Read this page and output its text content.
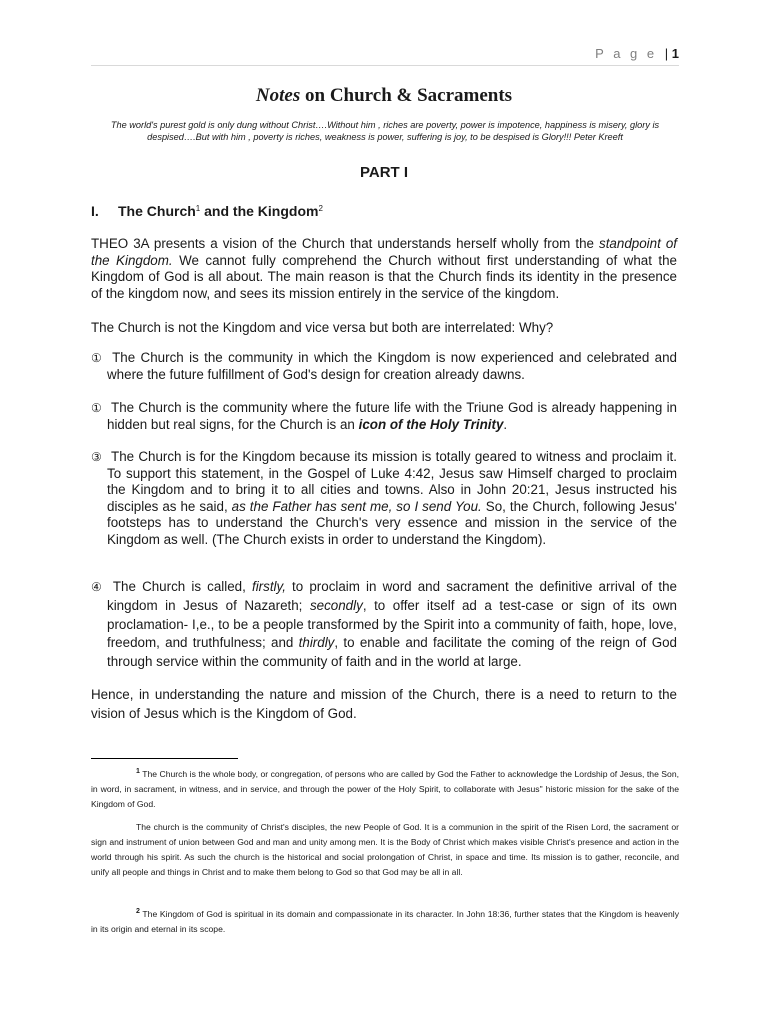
P a g e | 1
Notes on Church & Sacraments

The world's purest gold is only dung without Christ….Without him , riches are poverty, power is impotence, happiness is misery, glory is despised….But with him , poverty is riches, weakness is power, suffering is joy, to be despised is Glory!!! Peter Kreeft

PART I
I. The Church$^1$ and the Kingdom$^2$

THEO 3A presents a vision of the Church that understands herself wholly from the standpoint of the Kingdom. We cannot fully comprehend the Church without first understanding of what the Kingdom of God is all about. The main reason is that the Church finds its identity in the presence of the kingdom now, and sees its mission entirely in the service of the kingdom.

The Church is not the Kingdom and vice versa but both are interrelated: Why?

① The Church is the community in which the Kingdom is now experienced and celebrated and where the future fulfillment of God's design for creation already dawns.
① The Church is the community where the future life with the Triune God is already happening in hidden but real signs, for the Church is an icon of the Holy Trinity.
③ The Church is for the Kingdom because its mission is totally geared to witness and proclaim it. To support this statement, in the Gospel of Luke 4:42, Jesus saw Himself charged to proclaim the Kingdom and to bring it to all cities and towns. Also in John 20:21, Jesus instructed his disciples as he said, as the Father has sent me, so I send You. So, the Church, following Jesus' footsteps has to understand the Church's very essence and mission in the service of the Kingdom as well. (The Church exists in order to understand the Kingdom).
④ The Church is called, firstly, to proclaim in word and sacrament the definitive arrival of the kingdom in Jesus of Nazareth; secondly, to offer itself ad a test-case or sign of its own proclamation- I,e., to be a people transformed by the Spirit into a community of faith, hope, love, freedom, and truthfulness; and thirdly, to enable and facilitate the coming of the reign of God through service within the community of faith and in the world at large.

Hence, in understanding the nature and mission of the Church, there is a need to return to the vision of Jesus which is the Kingdom of God.

$^1$ The Church is the whole body, or congregation, of persons who are called by God the Father to acknowledge the Lordship of Jesus, the Son, in word, in sacrament, in witness, and in service, and through the power of the Holy Spirit, to collaborate with Jesus" historic mission for the sake of the Kingdom of God.

The church is the community of Christ's disciples, the new People of God. It is a communion in the spirit of the Risen Lord, the sacrament or sign and instrument of union between God and man and unity among men. It is the Body of Christ which makes visible Christ's presence and action in the world through his spirit. As such the church is the historical and social prolongation of Christ, in space and time. Its mission is to gather, reconcile, and unify all people and things in Christ and to make them belong to God so that God may be all in all.

$^2$ The Kingdom of God is spiritual in its domain and compassionate in its character. In John 18:36, further states that the Kingdom is heavenly in its origin and eternal in its scope.
